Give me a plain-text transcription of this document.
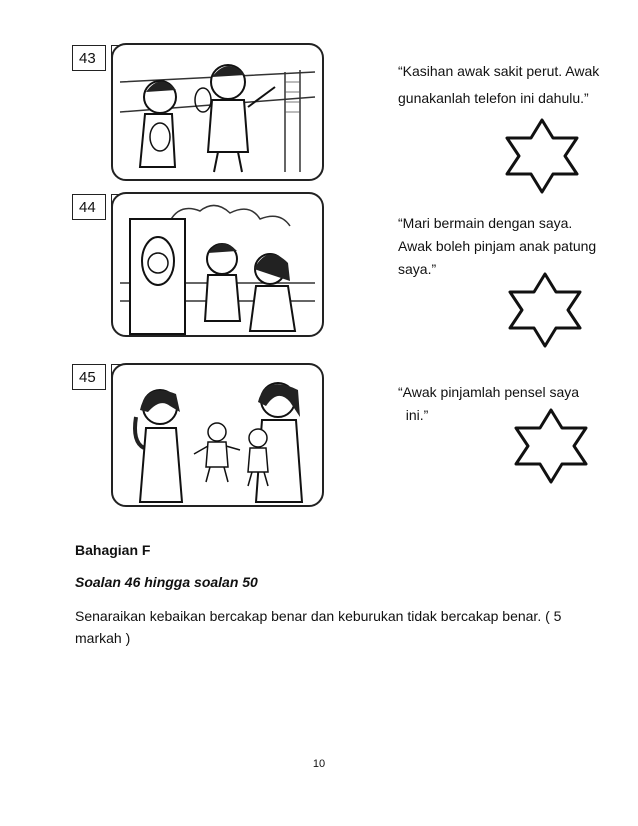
43
“Kasihan awak sakit perut. Awak
gunakanlah telefon ini dahulu.”
44
“Mari bermain dengan saya.
Awak boleh pinjam anak patung
saya.”
45
“Awak pinjamlah pensel saya
ini.”
Bahagian F
Soalan 46 hingga soalan 50
Senaraikan kebaikan bercakap benar dan keburukan tidak bercakap benar. ( 5 markah )
10
